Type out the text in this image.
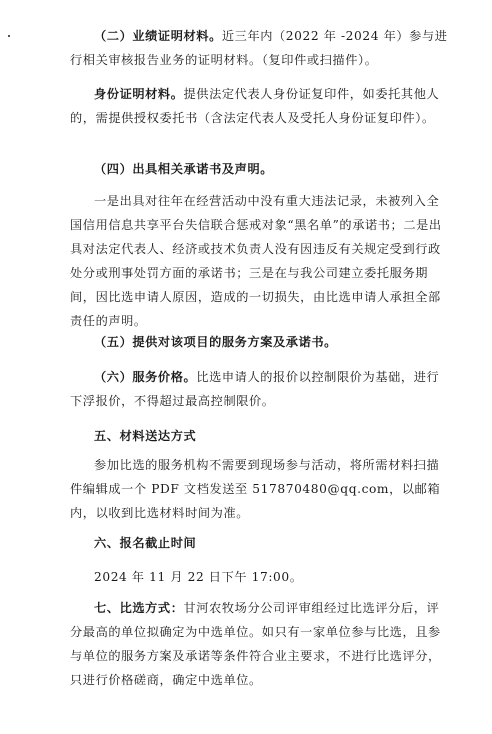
（二）业绩证明材料。近三年内（2022 年 -2024 年）参与进行相关审核报告业务的证明材料。（复印件或扫描件）。

身份证明材料。提供法定代表人身份证复印件，如委托其他人的，需提供授权委托书（含法定代表人及受托人身份证复印件）。

（四）出具相关承诺书及声明。

一是出具对往年在经营活动中没有重大违法记录，未被列入全国信用信息共享平台失信联合惩戒对象“黑名单”的承诺书；二是出具对法定代表人、经济或技术负责人没有因违反有关规定受到行政处分或刑事处罚方面的承诺书；三是在与我公司建立委托服务期间，因比选申请人原因，造成的一切损失，由比选申请人承担全部责任的声明。

（五）提供对该项目的服务方案及承诺书。

（六）服务价格。比选申请人的报价以控制限价为基础，进行下浮报价，不得超过最高控制限价。

五、材料送达方式

参加比选的服务机构不需要到现场参与活动，将所需材料扫描件编辑成一个 PDF 文档发送至 517870480@qq.com，以邮箱内，以收到比选材料时间为准。

六、报名截止时间

2024 年 11 月 22 日下午 17:00。

七、比选方式：甘河农牧场分公司评审组经过比选评分后，评分最高的单位拟确定为中选单位。如只有一家单位参与比选，且参与单位的服务方案及承诺等条件符合业主要求，不进行比选评分，只进行价格磋商，确定中选单位。
